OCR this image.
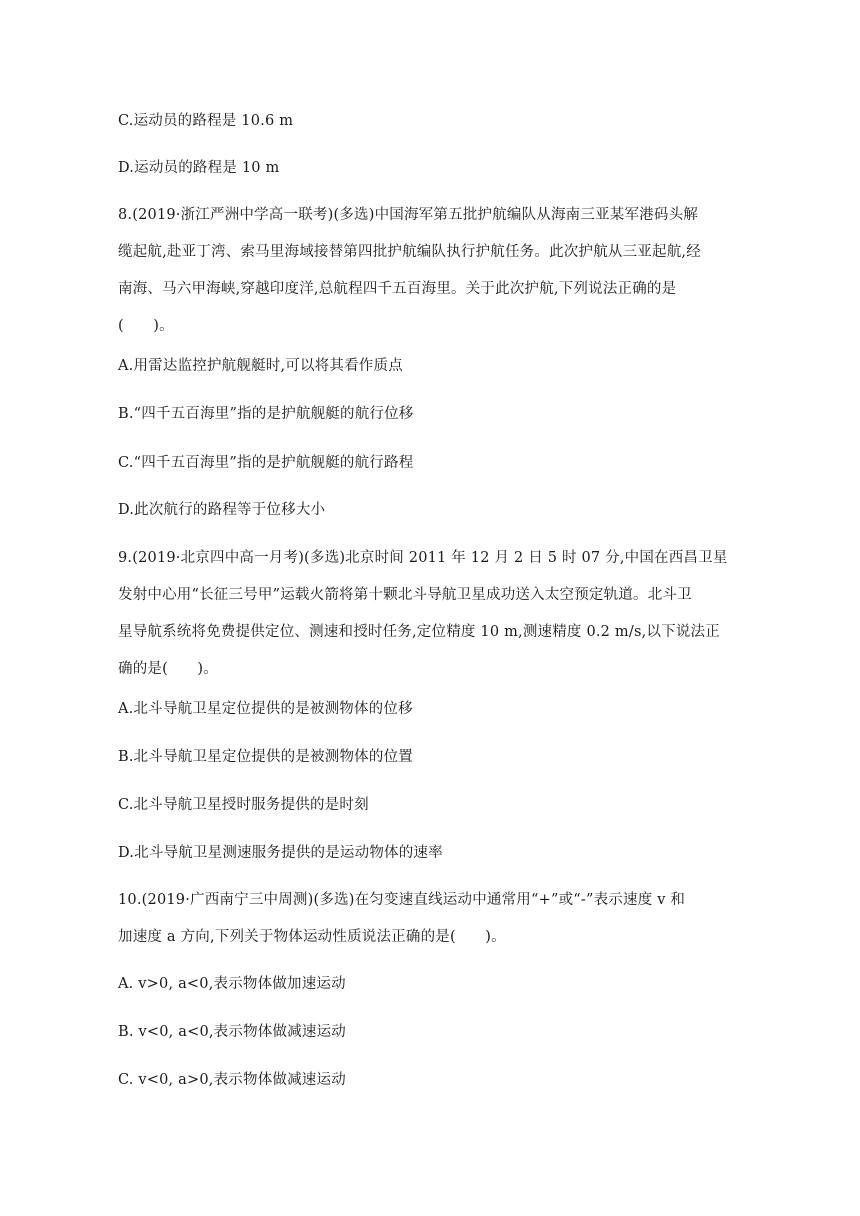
C.运动员的路程是 10.6 m
D.运动员的路程是 10 m
8.(2019·浙江严洲中学高一联考)(多选)中国海军第五批护航编队从海南三亚某军港码头解
缆起航,赴亚丁湾、索马里海域接替第四批护航编队执行护航任务。此次护航从三亚起航,经
南海、马六甲海峡,穿越印度洋,总航程四千五百海里。关于此次护航,下列说法正确的是
(　　)。
A.用雷达监控护航舰艇时,可以将其看作质点
B.“四千五百海里”指的是护航舰艇的航行位移
C.“四千五百海里”指的是护航舰艇的航行路程
D.此次航行的路程等于位移大小
9.(2019·北京四中高一月考)(多选)北京时间 2011 年 12 月 2 日 5 时 07 分,中国在西昌卫星
发射中心用“长征三号甲”运载火箭将第十颗北斗导航卫星成功送入太空预定轨道。北斗卫
星导航系统将免费提供定位、测速和授时任务,定位精度 10 m,测速精度 0.2 m/s,以下说法正
确的是(　　)。
A.北斗导航卫星定位提供的是被测物体的位移
B.北斗导航卫星定位提供的是被测物体的位置
C.北斗导航卫星授时服务提供的是时刻
D.北斗导航卫星测速服务提供的是运动物体的速率
10.(2019·广西南宁三中周测)(多选)在匀变速直线运动中通常用“+”或“-”表示速度 v 和
加速度 a 方向,下列关于物体运动性质说法正确的是(　　)。
A. v>0, a<0,表示物体做加速运动
B. v<0, a<0,表示物体做减速运动
C. v<0, a>0,表示物体做减速运动
